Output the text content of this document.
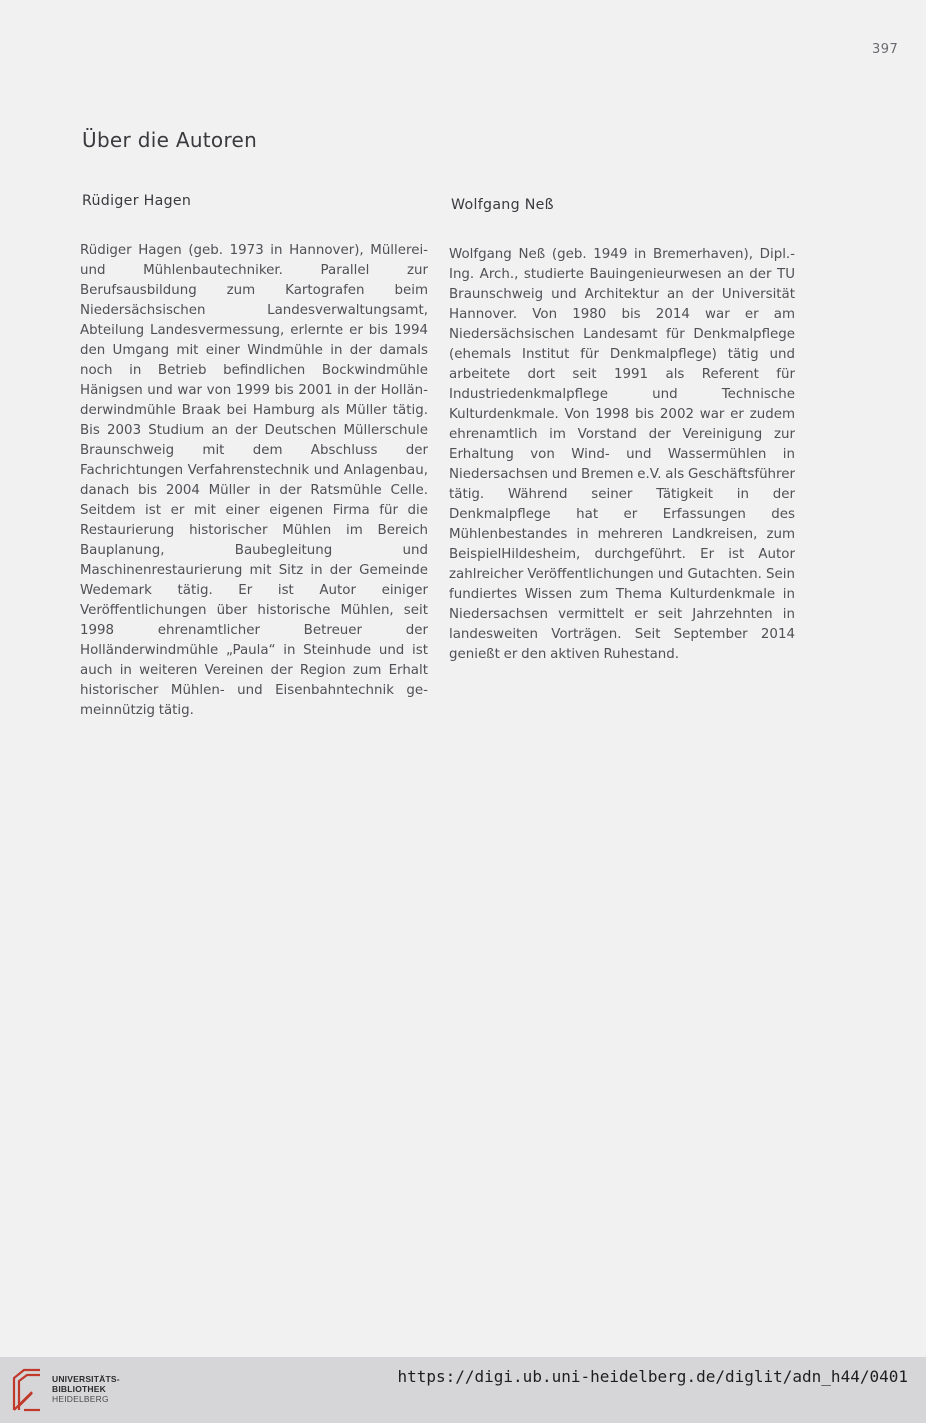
397
Über die Autoren
Rüdiger Hagen

Rüdiger Hagen (geb. 1973 in Hannover), Müllerei- und Mühlenbautechniker. Parallel zur Berufsausbildung zum Kartografen beim Niedersächsischen Landesverwaltungsamt, Abteilung Landesvermessung, erlernte er bis 1994 den Umgang mit einer Windmühle in der damals noch in Betrieb befindlichen Bockwindmühle Hänigsen und war von 1999 bis 2001 in der Holländerwindmühle Braak bei Hamburg als Müller tätig. Bis 2003 Studium an der Deutschen Müllerschule Braunschweig mit dem Abschluss der Fachrichtungen Verfahrenstechnik und Anlagenbau, danach bis 2004 Müller in der Ratsmühle Celle. Seitdem ist er mit einer eigenen Firma für die Restaurierung historischer Mühlen im Bereich Bauplanung, Baubegleitung und Maschinenrestaurierung mit Sitz in der Gemeinde Wedemark tätig. Er ist Autor einiger Veröffentlichungen über historische Mühlen, seit 1998 ehrenamtlicher Betreuer der Holländerwindmühle „Paula“ in Steinhude und ist auch in weiteren Vereinen der Region zum Erhalt historischer Mühlen- und Eisenbahntechnik gemeinnützig tätig.

Wolfgang Neß

Wolfgang Neß (geb. 1949 in Bremerhaven), Dipl.-Ing. Arch., studierte Bauingenieurwesen an der TU Braunschweig und Architektur an der Universität Hannover. Von 1980 bis 2014 war er am Niedersächsischen Landesamt für Denkmalpflege (ehemals Institut für Denkmalpflege) tätig und arbeitete dort seit 1991 als Referent für Industriedenkmalpflege und Technische Kulturdenkmale. Von 1998 bis 2002 war er zudem ehrenamtlich im Vorstand der Vereinigung zur Erhaltung von Wind- und Wassermühlen in Niedersachsen und Bremen e.V. als Geschäftsführer tätig. Während seiner Tätigkeit in der Denkmalpflege hat er Erfassungen des Mühlenbestandes in mehreren Landkreisen, zum BeispielHildesheim, durchgeführt. Er ist Autor zahlreicher Veröffentlichungen und Gutachten. Sein fundiertes Wissen zum Thema Kulturdenkmale in Niedersachsen vermittelt er seit Jahrzehnten in landesweiten Vorträgen. Seit September 2014 genießt er den aktiven Ruhestand.

UNIVERSITÄTS-
BIBLIOTHEK
HEIDELBERG
https://digi.ub.uni-heidelberg.de/diglit/adn_h44/0401
